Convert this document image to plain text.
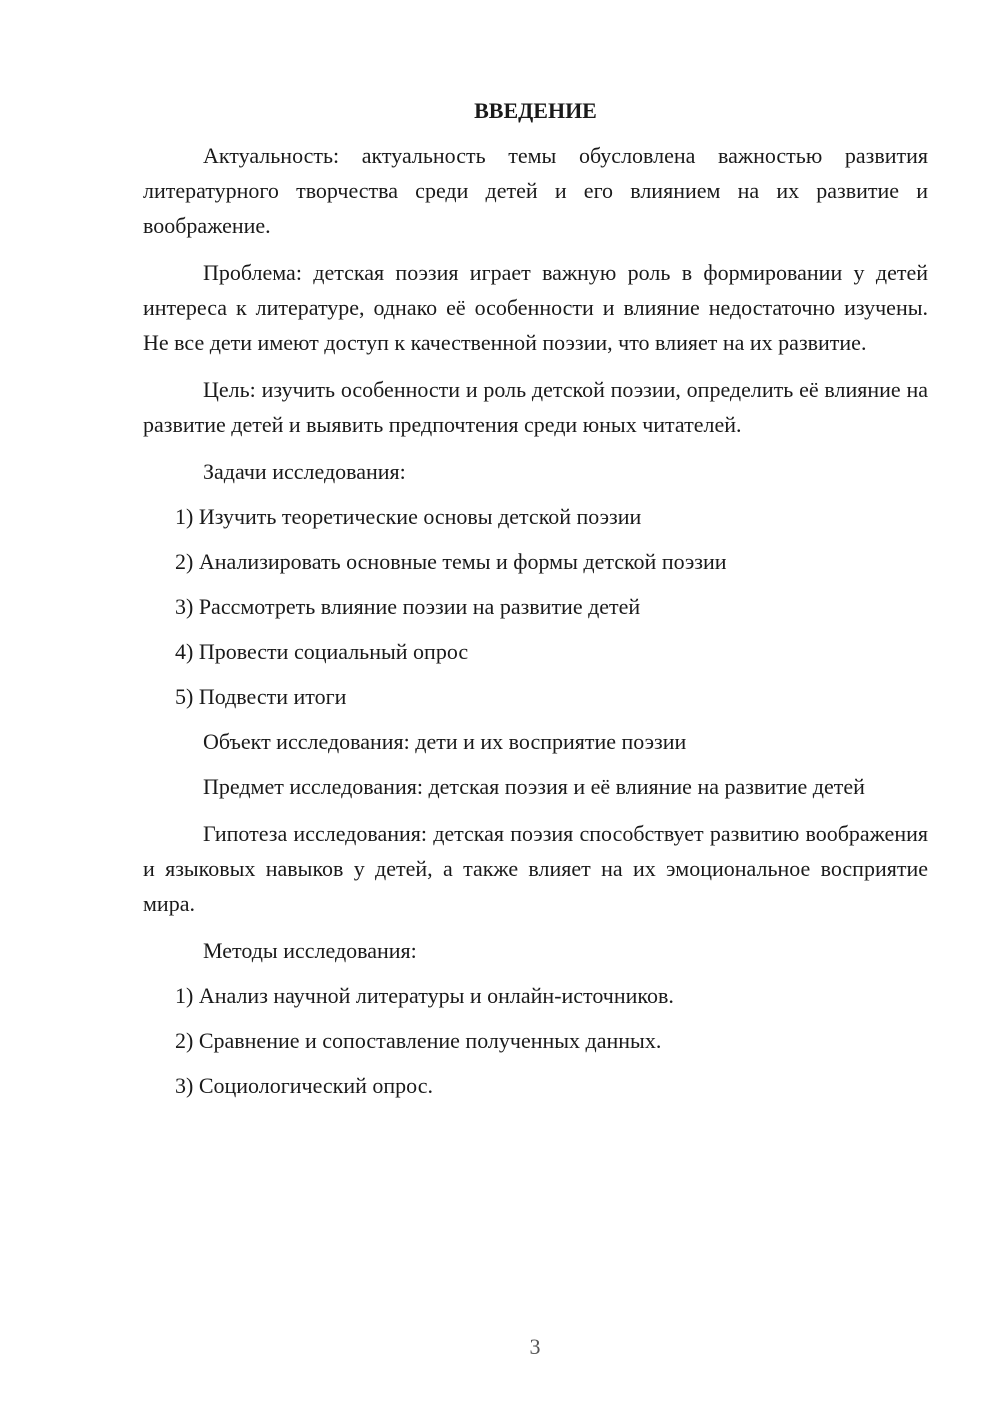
ВВЕДЕНИЕ

Актуальность: актуальность темы обусловлена важностью развития литературного творчества среди детей и его влиянием на их развитие и воображение.

Проблема: детская поэзия играет важную роль в формировании у детей интереса к литературе, однако её особенности и влияние недостаточно изучены. Не все дети имеют доступ к качественной поэзии, что влияет на их развитие.

Цель: изучить особенности и роль детской поэзии, определить её влияние на развитие детей и выявить предпочтения среди юных читателей.

Задачи исследования:

1) Изучить теоретические основы детской поэзии
2) Анализировать основные темы и формы детской поэзии
3) Рассмотреть влияние поэзии на развитие детей
4) Провести социальный опрос
5) Подвести итоги

Объект исследования: дети и их восприятие поэзии

Предмет исследования: детская поэзия и её влияние на развитие детей

Гипотеза исследования: детская поэзия способствует развитию воображения и языковых навыков у детей, а также влияет на их эмоциональное восприятие мира.

Методы исследования:

1) Анализ научной литературы и онлайн-источников.
2) Сравнение и сопоставление полученных данных.
3) Социологический опрос.
3
